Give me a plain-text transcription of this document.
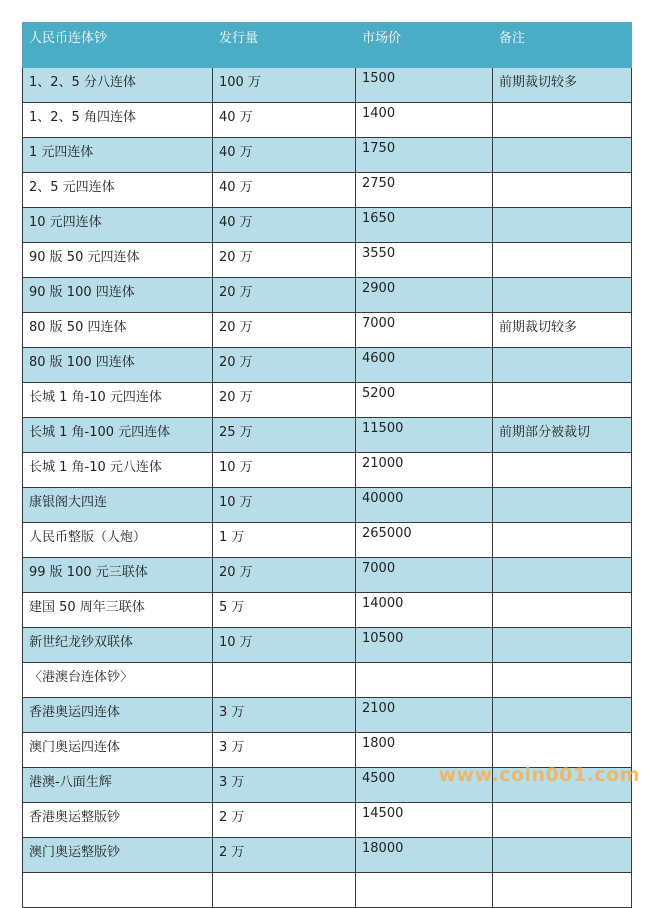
人民币连体钞	发行量	市场价	备注
1、2、5 分八连体	100 万	1500	前期裁切较多
1、2、5 角四连体	40 万	1400	
1 元四连体	40 万	1750	
2、5 元四连体	40 万	2750	
10 元四连体	40 万	1650	
90 版 50 元四连体	20 万	3550	
90 版 100 四连体	20 万	2900	
80 版 50 四连体	20 万	7000	前期裁切较多
80 版 100 四连体	20 万	4600	
长城 1 角-10 元四连体	20 万	5200	
长城 1 角-100 元四连体	25 万	11500	前期部分被裁切
长城 1 角-10 元八连体	10 万	21000	
康银阁大四连	10 万	40000	
人民币整版（人炮）	1 万	265000	
99 版 100 元三联体	20 万	7000	
建国 50 周年三联体	5 万	14000	
新世纪龙钞双联体	10 万	10500	
〈港澳台连体钞〉			
香港奥运四连体	3 万	2100	
澳门奥运四连体	3 万	1800	
港澳-八面生辉	3 万	4500	
香港奥运整版钞	2 万	14500	
澳门奥运整版钞	2 万	18000	

www.coin001.com
